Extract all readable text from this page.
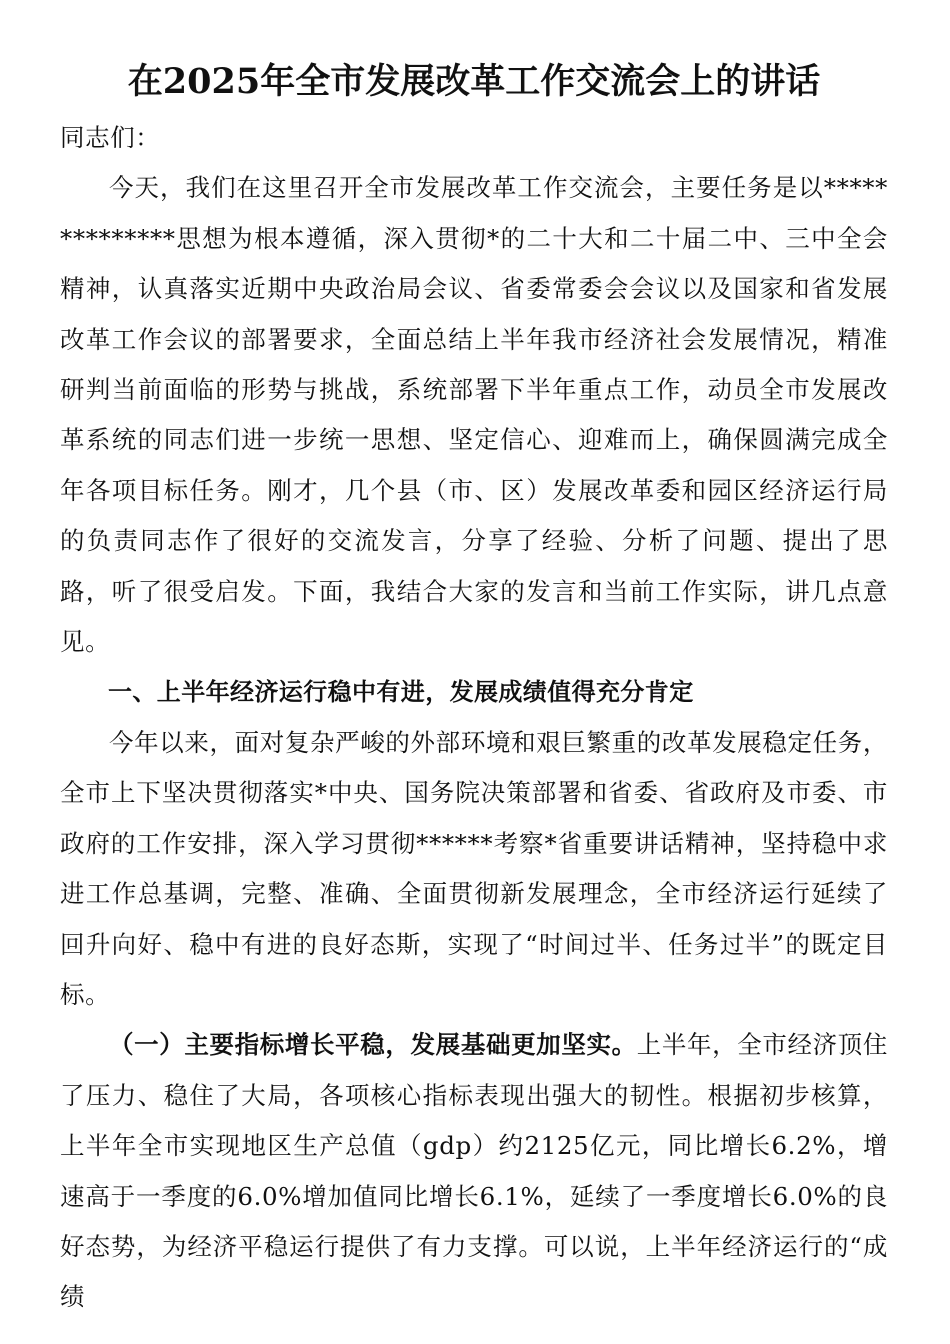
在2025年全市发展改革工作交流会上的讲话

同志们：

今天，我们在这里召开全市发展改革工作交流会，主要任务是以**************思想为根本遵循，深入贯彻*的二十大和二十届二中、三中全会精神，认真落实近期中央政治局会议、省委常委会会议以及国家和省发展改革工作会议的部署要求，全面总结上半年我市经济社会发展情况，精准研判当前面临的形势与挑战，系统部署下半年重点工作，动员全市发展改革系统的同志们进一步统一思想、坚定信心、迎难而上，确保圆满完成全年各项目标任务。刚才，几个县（市、区）发展改革委和园区经济运行局的负责同志作了很好的交流发言，分享了经验、分析了问题、提出了思路，听了很受启发。下面，我结合大家的发言和当前工作实际，讲几点意见。

一、上半年经济运行稳中有进，发展成绩值得充分肯定

今年以来，面对复杂严峻的外部环境和艰巨繁重的改革发展稳定任务，全市上下坚决贯彻落实*中央、国务院决策部署和省委、省政府及市委、市政府的工作安排，深入学习贯彻******考察*省重要讲话精神，坚持稳中求进工作总基调，完整、准确、全面贯彻新发展理念，全市经济运行延续了回升向好、稳中有进的良好态斯，实现了“时间过半、任务过半”的既定目标。

（一）主要指标增长平稳，发展基础更加坚实。上半年，全市经济顶住了压力、稳住了大局，各项核心指标表现出强大的韧性。根据初步核算，上半年全市实现地区生产总值（gdp）约2125亿元，同比增长6.2%，增速高于一季度的6.0%增加值同比增长6.1%，延续了一季度增长6.0%的良好态势，为经济平稳运行提供了有力支撑。可以说，上半年经济运行的“成绩
